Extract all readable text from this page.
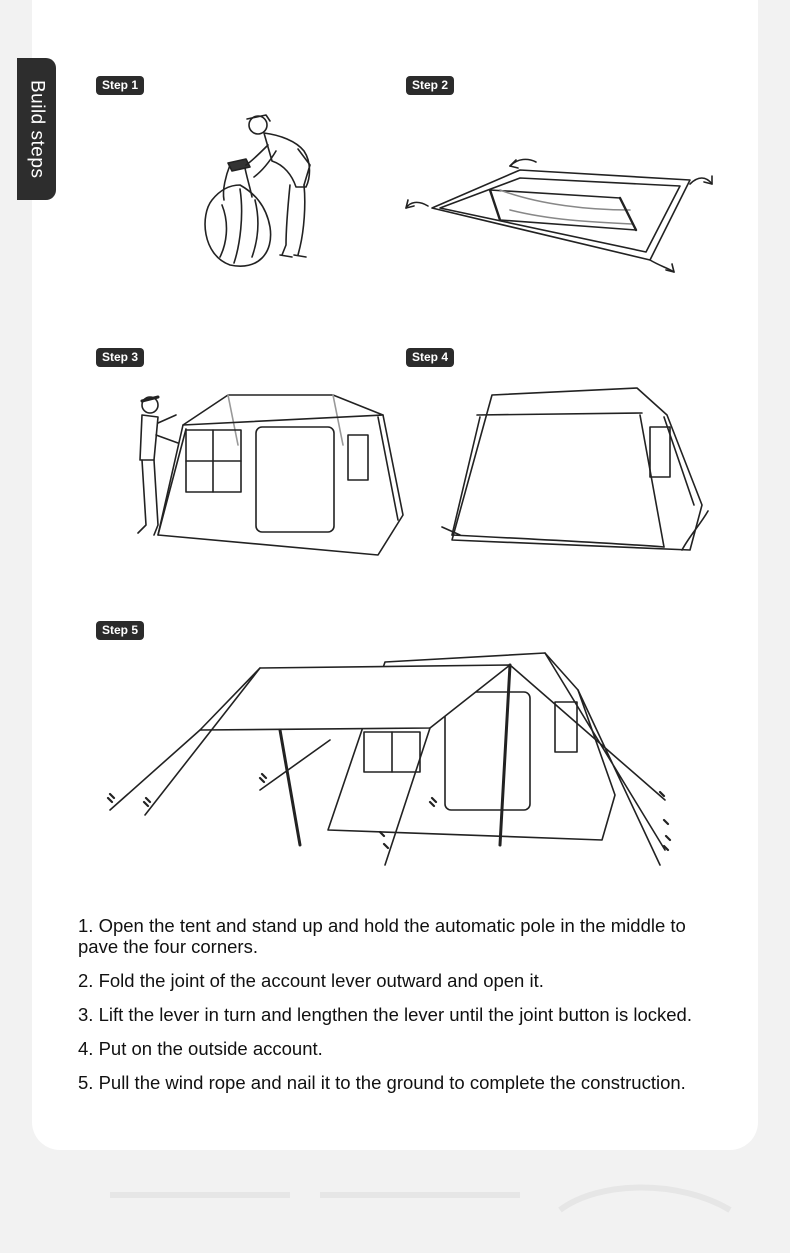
Build steps	Step 1	Step 2
Step 3	Step 4
Step 5

1. Open the tent and stand up and hold the automatic pole in the middle to pave the four corners.

2. Fold the joint of the account lever outward and open it.

3. Lift the lever in turn and lengthen the lever until the joint button is locked.

4. Put on the outside account.

5. Pull the wind rope and nail it to the ground to complete the construction.
